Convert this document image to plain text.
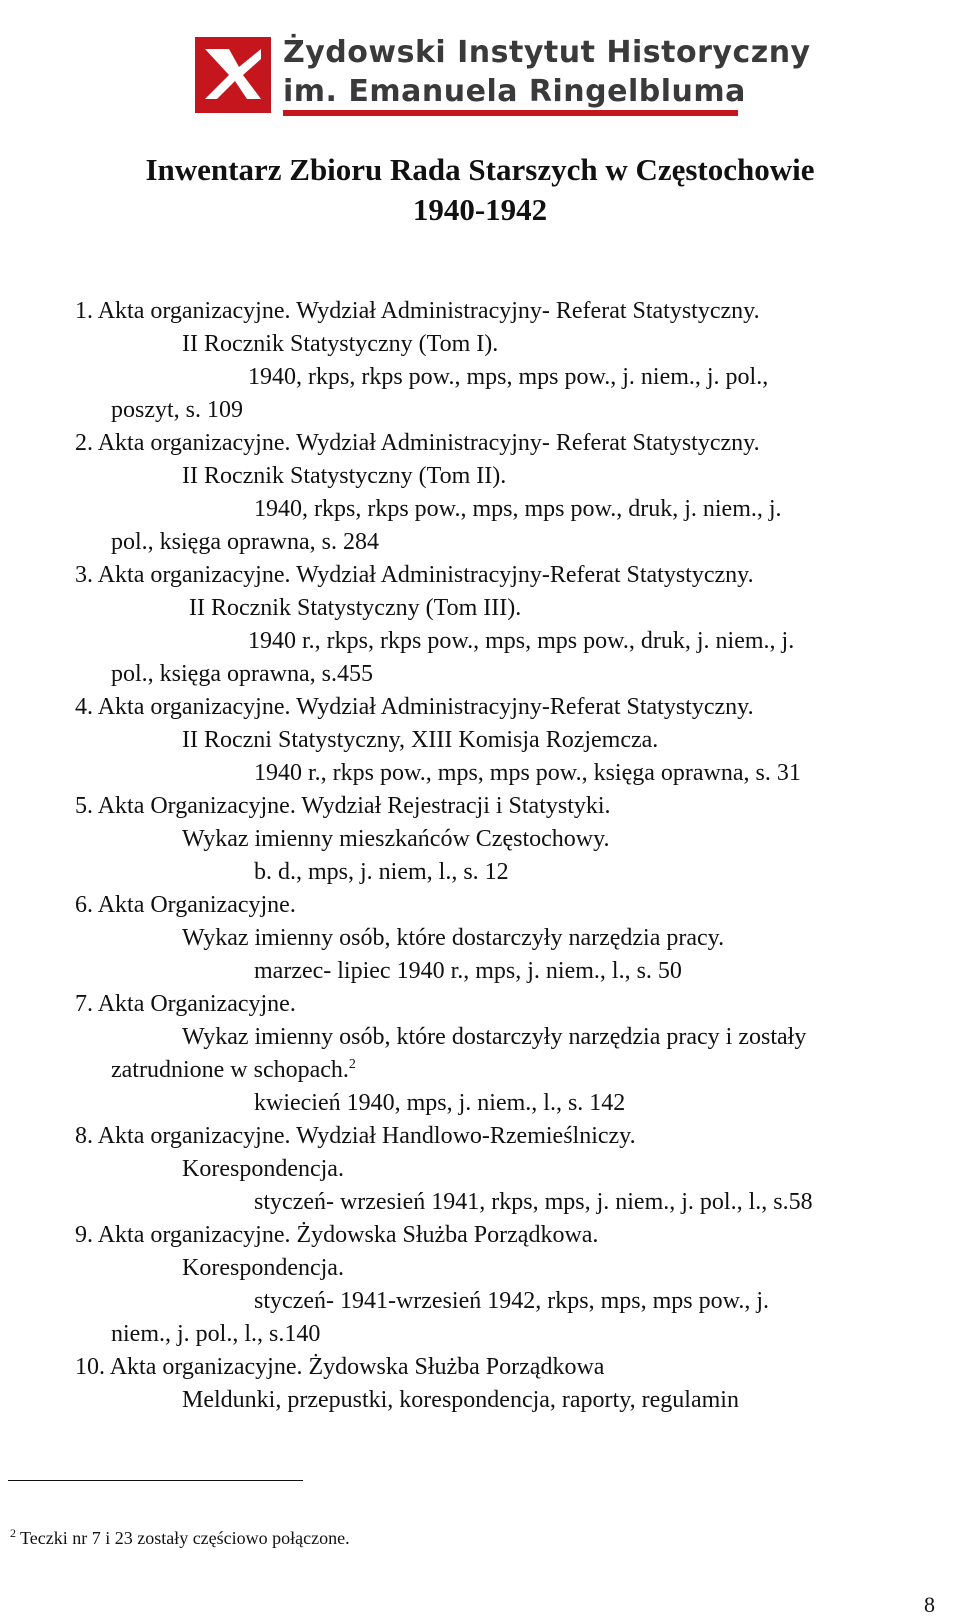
Żydowski Instytut Historyczny
im. Emanuela Ringelbluma
Inwentarz Zbioru Rada Starszych w Częstochowie
1940-1942
1. Akta organizacyjne. Wydział Administracyjny- Referat Statystyczny.
II Rocznik Statystyczny (Tom I).
1940, rkps, rkps pow., mps, mps pow., j. niem., j. pol.,
poszyt, s. 109
2. Akta organizacyjne. Wydział Administracyjny- Referat Statystyczny.
II Rocznik Statystyczny (Tom II).
1940, rkps, rkps pow., mps, mps pow., druk, j. niem., j.
pol., księga oprawna, s. 284
3. Akta organizacyjne. Wydział Administracyjny-Referat Statystyczny.
II Rocznik Statystyczny (Tom III).
1940 r., rkps, rkps pow., mps, mps pow., druk, j. niem., j.
pol., księga oprawna, s.455
4. Akta organizacyjne. Wydział Administracyjny-Referat Statystyczny.
II Roczni Statystyczny, XIII Komisja Rozjemcza.
1940 r., rkps pow., mps, mps pow., księga oprawna, s. 31
5. Akta Organizacyjne. Wydział Rejestracji i Statystyki.
Wykaz imienny mieszkańców Częstochowy.
b. d., mps, j. niem, l., s. 12
6. Akta Organizacyjne.
Wykaz imienny osób, które dostarczyły narzędzia pracy.
marzec- lipiec 1940 r., mps, j. niem., l., s. 50
7. Akta Organizacyjne.
Wykaz imienny osób, które dostarczyły narzędzia pracy i zostały
zatrudnione w schopach.$^2$
kwiecień 1940, mps, j. niem., l., s. 142
8. Akta organizacyjne. Wydział Handlowo-Rzemieślniczy.
Korespondencja.
styczeń- wrzesień 1941, rkps, mps, j. niem., j. pol., l., s.58
9. Akta organizacyjne. Żydowska Służba Porządkowa.
Korespondencja.
styczeń- 1941-wrzesień 1942, rkps, mps, mps pow., j.
niem., j. pol., l., s.140
10. Akta organizacyjne. Żydowska Służba Porządkowa
Meldunki, przepustki, korespondencja, raporty, regulamin
$^2$ Teczki nr 7 i 23 zostały częściowo połączone.
8
